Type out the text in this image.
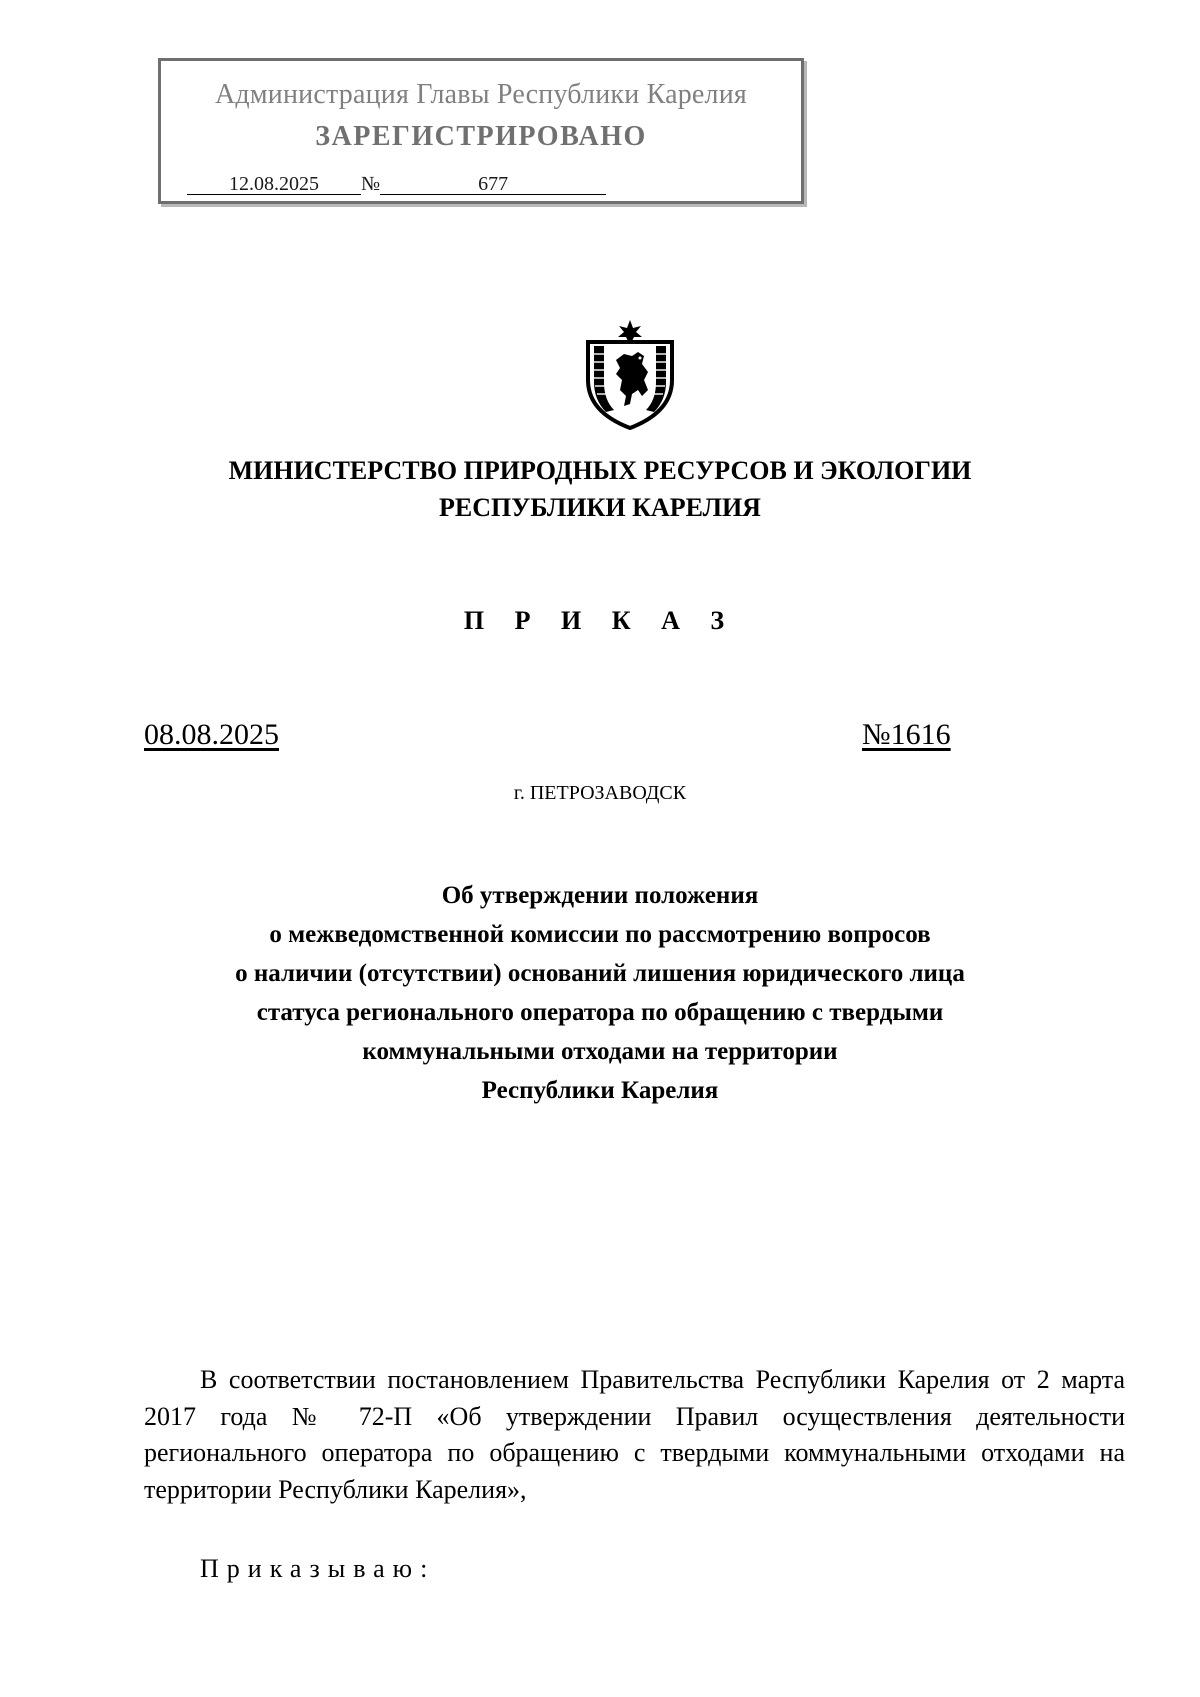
Администрация Главы Республики Карелия
ЗАРЕГИСТРИРОВАНО
12.08.2025 №	677
МИНИСТЕРСТВО ПРИРОДНЫХ РЕСУРСОВ И ЭКОЛОГИИ
РЕСПУБЛИКИ КАРЕЛИЯ
П Р И К А З
08.08.2025	№1616
г. ПЕТРОЗАВОДСК
Об утверждении положения
о межведомственной комиссии по рассмотрению вопросов
о наличии (отсутствии) оснований лишения юридического лица
статуса регионального оператора по обращению с твердыми
коммунальными отходами на территории
Республики Карелия

В соответствии постановлением Правительства Республики Карелия от 2 марта 2017 года № 72-П «Об утверждении Правил осуществления деятельности регионального оператора по обращению с твердыми коммунальными отходами на территории Республики Карелия»,

Приказываю:
